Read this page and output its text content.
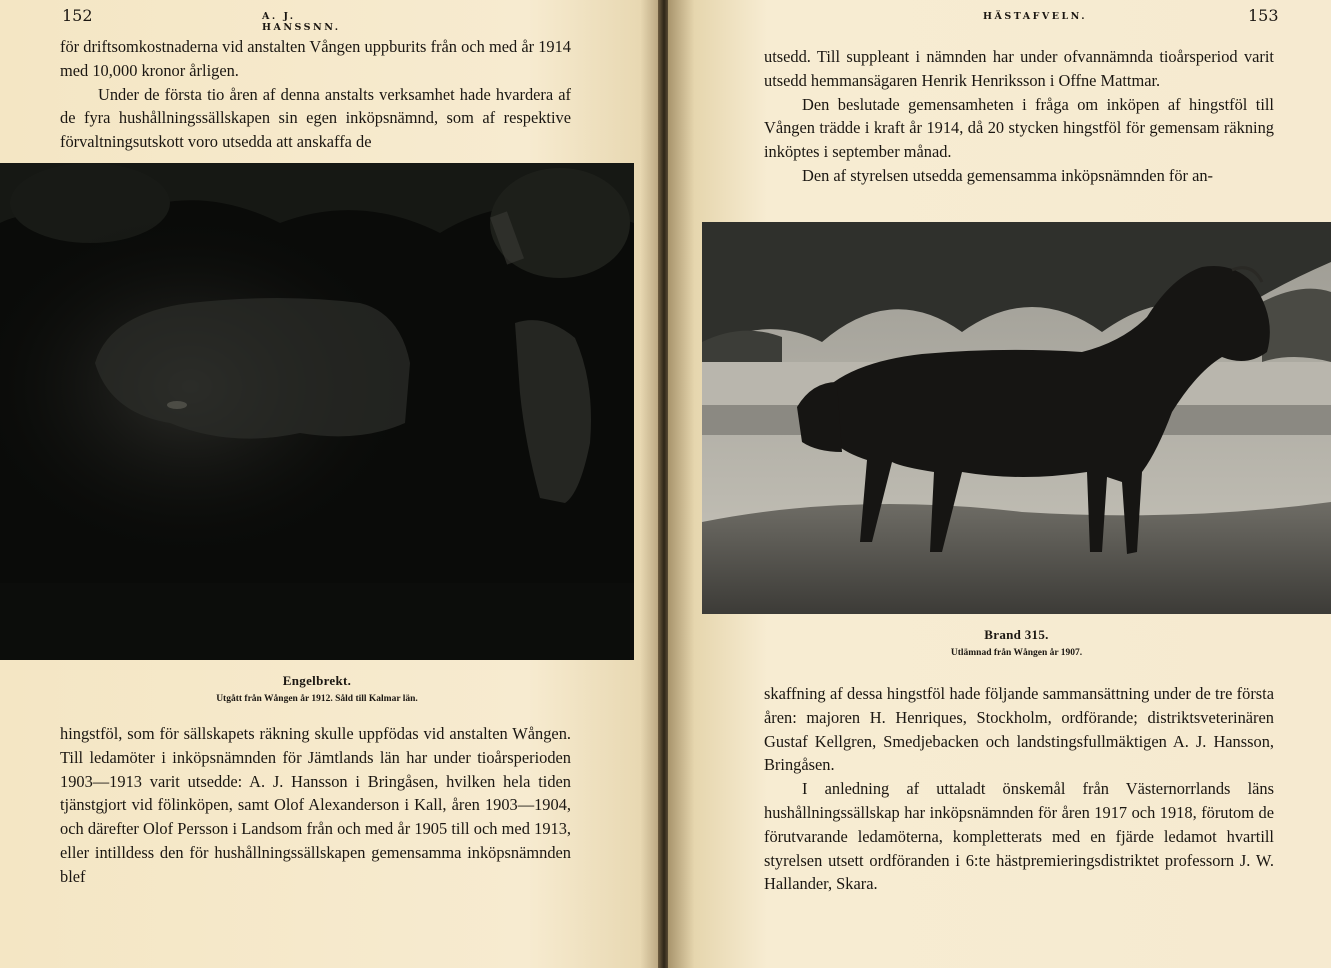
152	A. J. HANSSNN.

för driftsomkostnaderna vid anstalten Vången uppburits från och med år 1914 med 10,000 kronor årligen.

Under de första tio åren af denna anstalts verksamhet hade hvardera af de fyra hushållningssällskapen sin egen inköpsnämnd, som af respektive förvaltningsutskott voro utsedda att anskaffa de

Engelbrekt.
Utgått från Wången år 1912. Såld till Kalmar län.

hingstföl, som för sällskapets räkning skulle uppfödas vid anstalten Wången. Till ledamöter i inköpsnämnden för Jämtlands län har under tioårsperioden 1903—1913 varit utsedde: A. J. Hansson i Bringåsen, hvilken hela tiden tjänstgjort vid fölinköpen, samt Olof Alexanderson i Kall, åren 1903—1904, och därefter Olof Persson i Landsom från och med år 1905 till och med 1913, eller intilldess den för hushållningssällskapen gemensamma inköpsnämnden blef

HÄSTAFVELN.	153

utsedd. Till suppleant i nämnden har under ofvannämnda tioårsperiod varit utsedd hemmansägaren Henrik Henriksson i Offne Mattmar.

Den beslutade gemensamheten i fråga om inköpen af hingstföl till Vången trädde i kraft år 1914, då 20 stycken hingstföl för gemensam räkning inköptes i september månad.

Den af styrelsen utsedda gemensamma inköpsnämnden för an-

Brand 315.
Utlämnad från Wången år 1907.

skaffning af dessa hingstföl hade följande sammansättning under de tre första åren: majoren H. Henriques, Stockholm, ordförande; distriktsveterinären Gustaf Kellgren, Smedjebacken och landstingsfullmäktigen A. J. Hansson, Bringåsen.

I anledning af uttaladt önskemål från Västernorrlands läns hushållningssällskap har inköpsnämnden för åren 1917 och 1918, förutom de förutvarande ledamöterna, kompletterats med en fjärde ledamot hvartill styrelsen utsett ordföranden i 6:te hästpremieringsdistriktet professorn J. W. Hallander, Skara.
